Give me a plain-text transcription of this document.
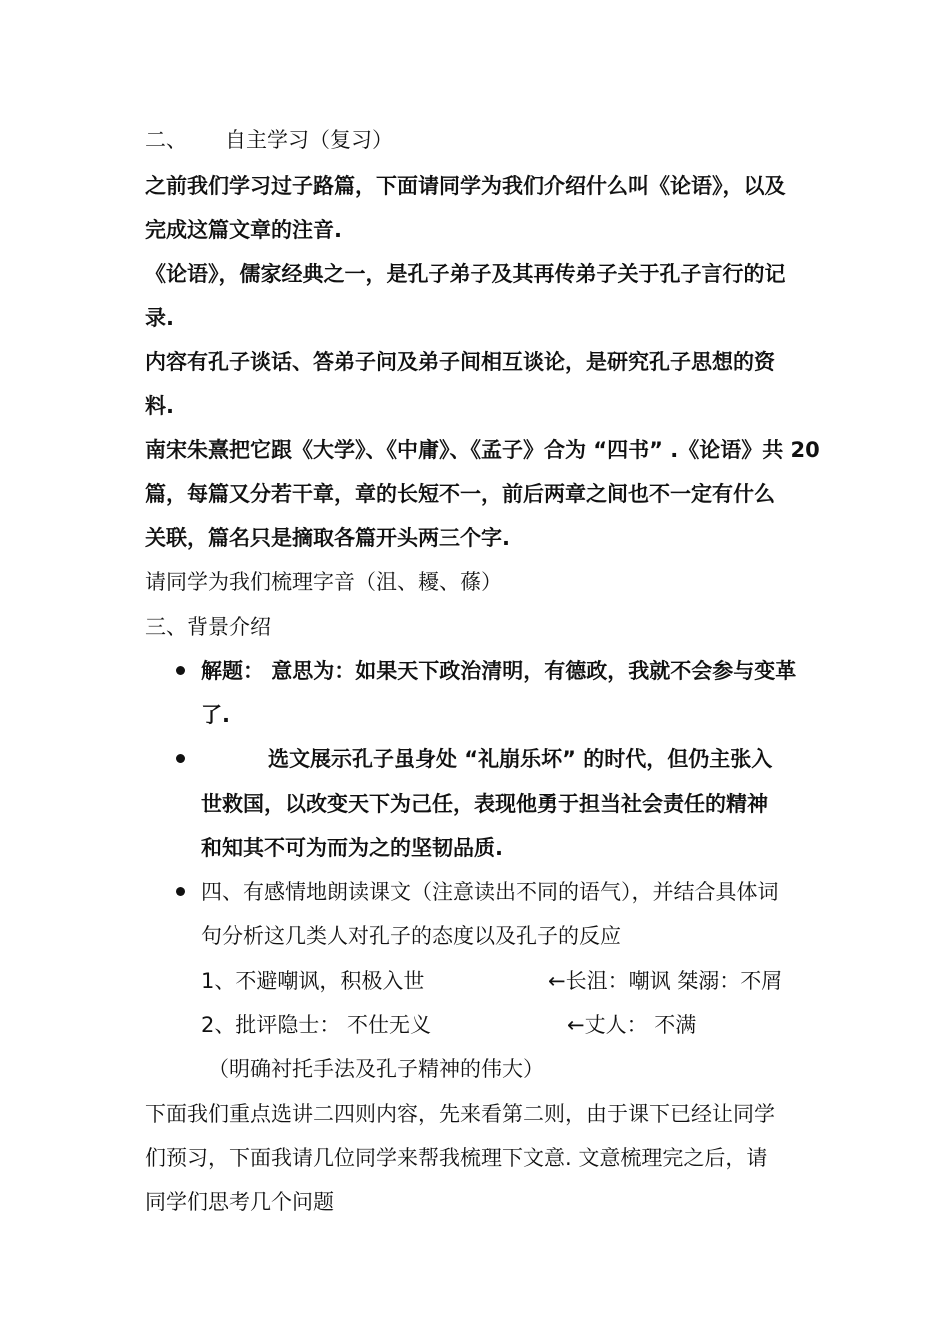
二、 自主学习（复习）
之前我们学习过子路篇，下面请同学为我们介绍什么叫《论语》，以及
完成这篇文章的注音.
《论语》，儒家经典之一，是孔子弟子及其再传弟子关于孔子言行的记
录.
内容有孔子谈话、答弟子问及弟子间相互谈论，是研究孔子思想的资
料.
南宋朱熹把它跟《大学》、《中庸》、《孟子》合为 “四书” .《论语》共 20
篇，每篇又分若干章，章的长短不一，前后两章之间也不一定有什么
关联，篇名只是摘取各篇开头两三个字.
请同学为我们梳理字音（沮、耰、蓧）
三、背景介绍
解题： 意思为：如果天下政治清明，有德政，我就不会参与变革
了.
选文展示孔子虽身处 “礼崩乐坏” 的时代，但仍主张入
世救国，以改变天下为己任，表现他勇于担当社会责任的精神
和知其不可为而为之的坚韧品质.
四、有感情地朗读课文（注意读出不同的语气），并结合具体词
句分析这几类人对孔子的态度以及孔子的反应
1、不避嘲讽，积极入世	←长沮：嘲讽 桀溺：不屑
2、批评隐士： 不仕无义	←丈人： 不满
（明确衬托手法及孔子精神的伟大）
下面我们重点选讲二四则内容，先来看第二则，由于课下已经让同学
们预习，下面我请几位同学来帮我梳理下文意. 文意梳理完之后，请
同学们思考几个问题
